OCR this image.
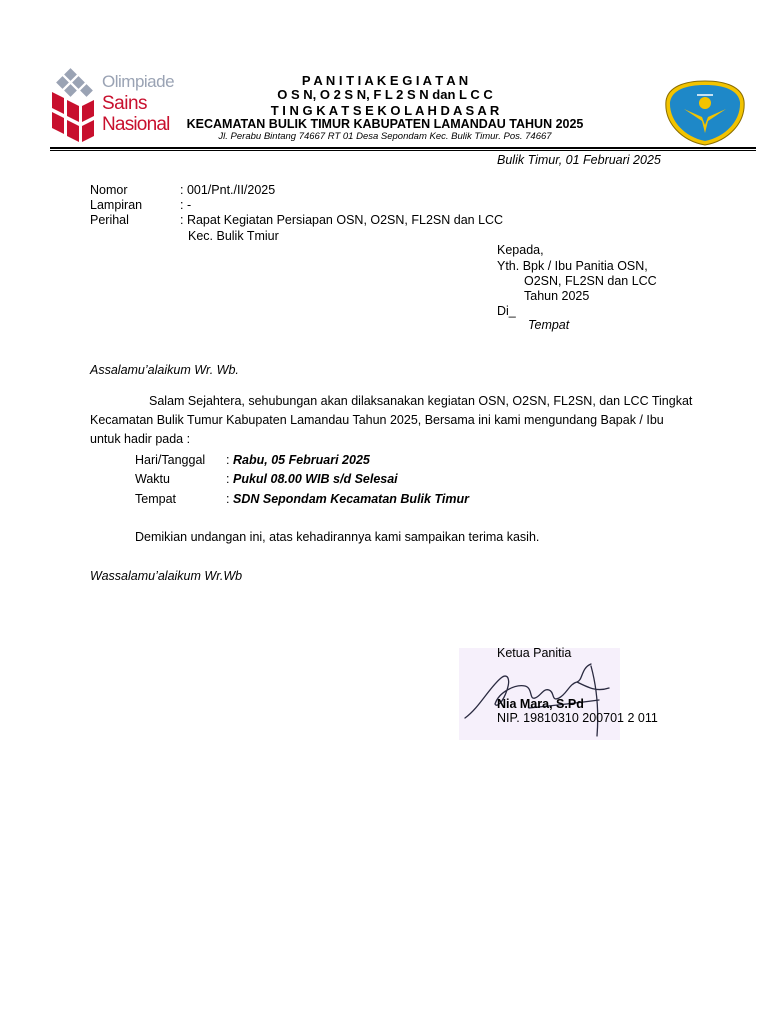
Olimpiade
Sains
Nasional
P A N I T I A K E G I A T A N
O S N, O 2 S N, F L 2 S N dan L C C
T I N G K A T S E K O L A H D A S A R
KECAMATAN BULIK TIMUR KABUPATEN LAMANDAU TAHUN 2025
Jl. Perabu Bintang 74667 RT 01 Desa Sepondam Kec. Bulik Timur. Pos. 74667
Bulik Timur, 01 Februari 2025
Nomor	: 001/Pnt./II/2025
Lampiran	: -
Perihal	: Rapat Kegiatan Persiapan OSN, O2SN, FL2SN dan LCC
Kec. Bulik Tmiur
Kepada,
Yth. Bpk / Ibu Panitia OSN,
O2SN, FL2SN dan LCC
Tahun 2025
Di_
Tempat
Assalamu’alaikum Wr. Wb.
Salam Sejahtera, sehubungan akan dilaksanakan kegiatan OSN, O2SN, FL2SN, dan LCC Tingkat
Kecamatan Bulik Tumur Kabupaten Lamandau Tahun 2025, Bersama ini kami mengundang Bapak / Ibu
untuk hadir pada :
Hari/Tanggal : Rabu, 05 Februari 2025
Waktu	: Pukul 08.00 WIB s/d Selesai
Tempat	: SDN Sepondam Kecamatan Bulik Timur
Demikian undangan ini, atas kehadirannya kami sampaikan terima kasih.
Wassalamu’alaikum Wr.Wb
Ketua Panitia
Nia Mara, S.Pd
NIP. 19810310 200701 2 011
